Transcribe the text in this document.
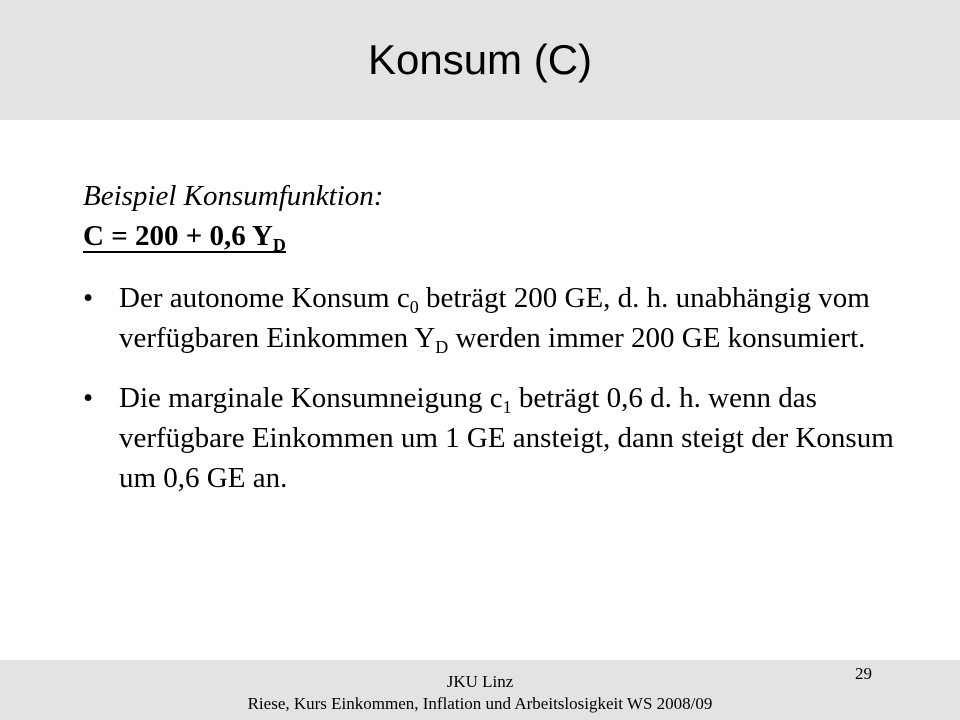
Konsum (C)

Beispiel Konsumfunktion:

C = 200 + 0,6 $Y_D$

• Der autonome Konsum $c_0$ beträgt 200 GE, d. h. unabhängig vom verfügbaren Einkommen $Y_D$ werden immer 200 GE konsumiert.
• Die marginale Konsumneigung $c_1$ beträgt 0,6 d. h. wenn das verfügbare Einkommen um 1 GE ansteigt, dann steigt der Konsum um 0,6 GE an.
JKU Linz
Riese, Kurs Einkommen, Inflation und Arbeitslosigkeit WS 2008/09
29
